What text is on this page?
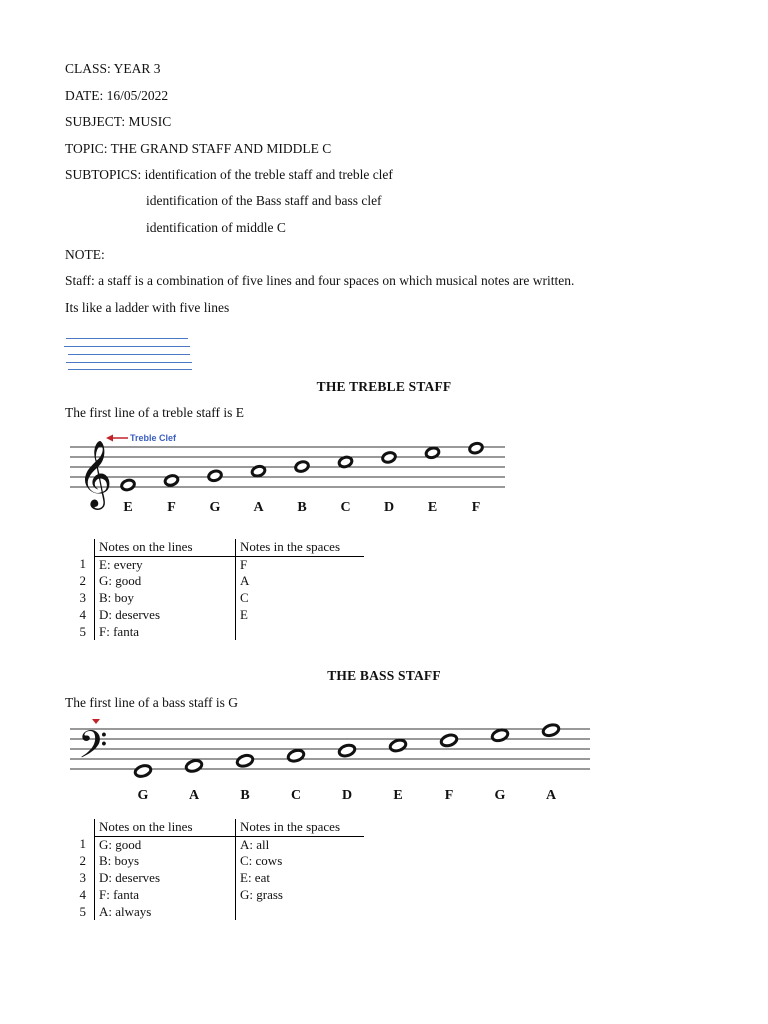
CLASS: YEAR 3
DATE: 16/05/2022
SUBJECT: MUSIC
TOPIC: THE GRAND STAFF AND MIDDLE C
SUBTOPICS: identification of the treble staff and treble clef
identification of the Bass staff and bass clef
identification of middle C
NOTE:
Staff: a staff is a combination of five lines and four spaces on which musical notes are written.
Its like a ladder with five lines
THE TREBLE STAFF
The first line of a treble staff is E
𝄞
Treble Clef
E F G A B C D E F
	Notes on the lines	Notes in the spaces
1	E: every	F
2	G: good	A
3	B: boy	C
4	D: deserves	E
5	F: fanta	
THE BASS STAFF
The first line of a bass staff is G
𝄢
G	A	B	C	D	E	F	G	A
	Notes on the lines	Notes in the spaces
1	G: good	A: all
2	B: boys	C: cows
3	D: deserves	E: eat
4	F: fanta	G: grass
5	A: always	
